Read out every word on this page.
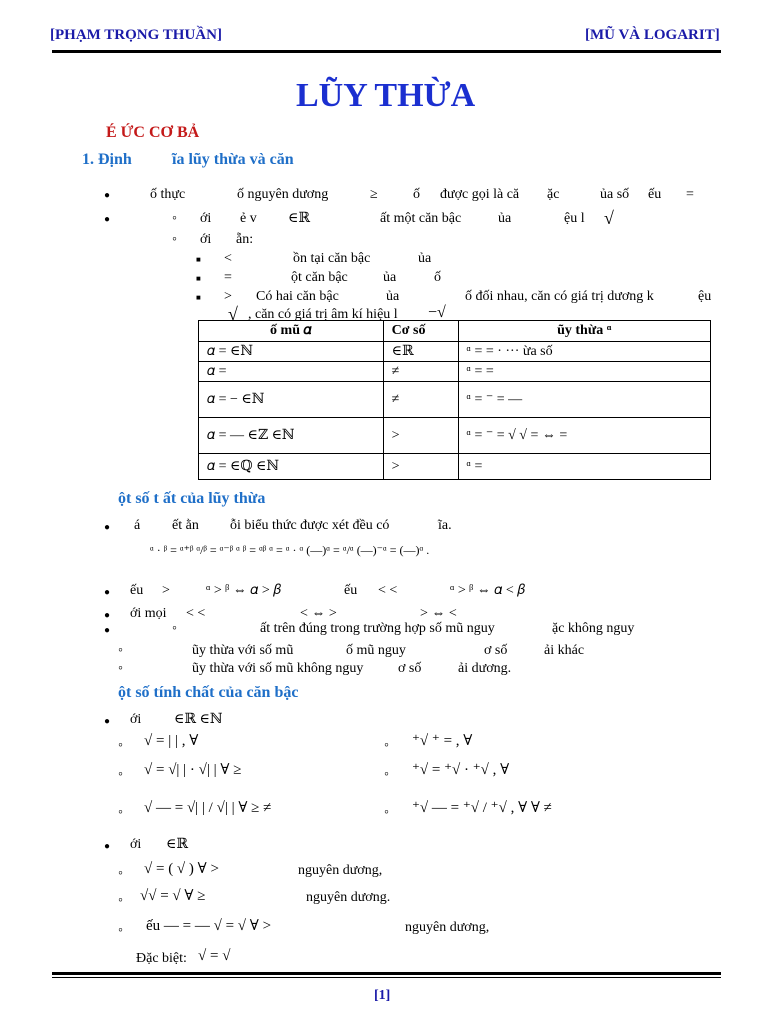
[PHẠM TRỌNG THUẦN]	[MŨ VÀ LOGARIT]
LŨY THỪA
É ỨC CƠ BẢ
1. Định	ĩa lũy thừa và căn
●	ố thực	ố nguyên dương	≥	ố được gọi là că ặc	ủa số ếu =
●	◦ ới ẻ v ∈ℝ	ất một căn bậc	ủa	ệu l √
◦ ới ẵn:
■ <	ồn tại căn bậc	ủa
■ =	ột căn bậc	ủa	ố
■ > Có hai căn bậc	ủa	ố đối nhau, căn có giá trị dương k	ệu
√ , căn có giá trị âm kí hiệu l −√
ố mũ 𝛼	Cơ số	ũy thừa ᵅ
𝛼 = ∈ℕ	∈ℝ	ᵅ = = · ··· ừa số
𝛼 =	≠	ᵅ = =
𝛼 = − ∈ℕ	≠	ᵅ = ⁻ = —
𝛼 = — ∈ℤ ∈ℕ	>	ᵅ = ⁻ = √ √ = ⇔ =
𝛼 = ∈ℚ ∈ℕ	>	ᵅ =
ột số t ất của lũy thừa
● á ết ằn ỗi biểu thức được xét đều có	ĩa.
ᵅ · ᵝ = ᵅ⁺ᵝ ᵅ/ᵝ = ᵅ⁻ᵝ ᵅ ᵝ = ᵅᵝ ᵅ = ᵅ · ᵅ (—)ᵅ = ᵅ/ᵅ (—)⁻ᵅ = (—)ᵅ .
● ếu >	ᵅ > ᵝ ⇔ 𝛼 > 𝛽	ếu < <	ᵅ > ᵝ ⇔ 𝛼 < 𝛽
● ới mọi < <	< ⇔ >	> ⇔ <
●	◦	ất trên đúng trong trường hợp số mũ nguy	ặc không nguy
◦	ũy thừa với số mũ	ố mũ nguy	ơ số	ải khác
◦	ũy thừa với số mũ không nguy ơ số	ải dương.
ột số tính chất của căn bậc
● ới ∈ℝ ∈ℕ
◦ √ = | | , ∀	◦ ⁺√ ⁺ = , ∀
◦ √ = √| | · √| | ∀ ≥	◦ ⁺√ = ⁺√ · ⁺√ , ∀
◦ √ — = √| | / √| | ∀ ≥ ≠	◦ ⁺√ — = ⁺√ / ⁺√ , ∀ ∀ ≠
● ới ∈ℝ
◦ √ = ( √ ) ∀ >	nguyên dương,
◦ √√ = √ ∀ ≥	nguyên dương.
◦ ếu — = — √ = √ ∀ >	nguyên dương,
Đặc biệt: √ = √
[1]
